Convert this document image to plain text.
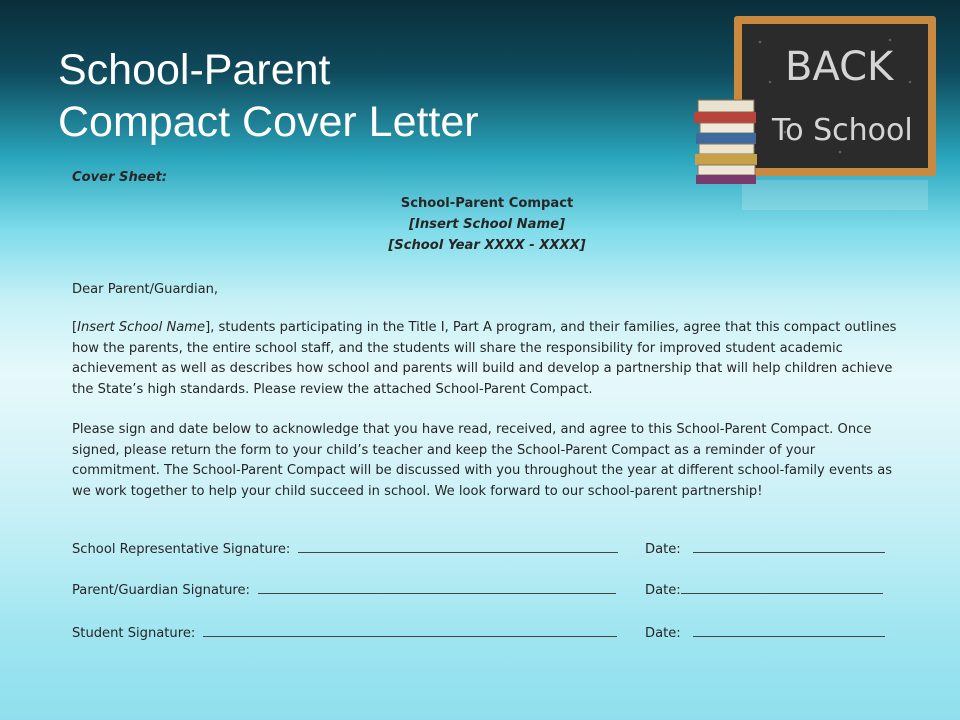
School-Parent
Compact Cover Letter
BACK
To School

Cover Sheet:

School-Parent Compact
[Insert School Name]
[School Year XXXX - XXXX]

Dear Parent/Guardian,

[Insert School Name], students participating in the Title I, Part A program, and their families, agree that this compact outlines how the parents, the entire school staff, and the students will share the responsibility for improved student academic achievement as well as describes how school and parents will build and develop a partnership that will help children achieve the State’s high standards. Please review the attached School-Parent Compact.

Please sign and date below to acknowledge that you have read, received, and agree to this School-Parent Compact. Once signed, please return the form to your child’s teacher and keep the School-Parent Compact as a reminder of your commitment. The School-Parent Compact will be discussed with you throughout the year at different school-family events as we work together to help your child succeed in school. We look forward to our school-parent partnership!

School Representative Signature:	Date:
Parent/Guardian Signature:	Date:
Student Signature:	Date:
